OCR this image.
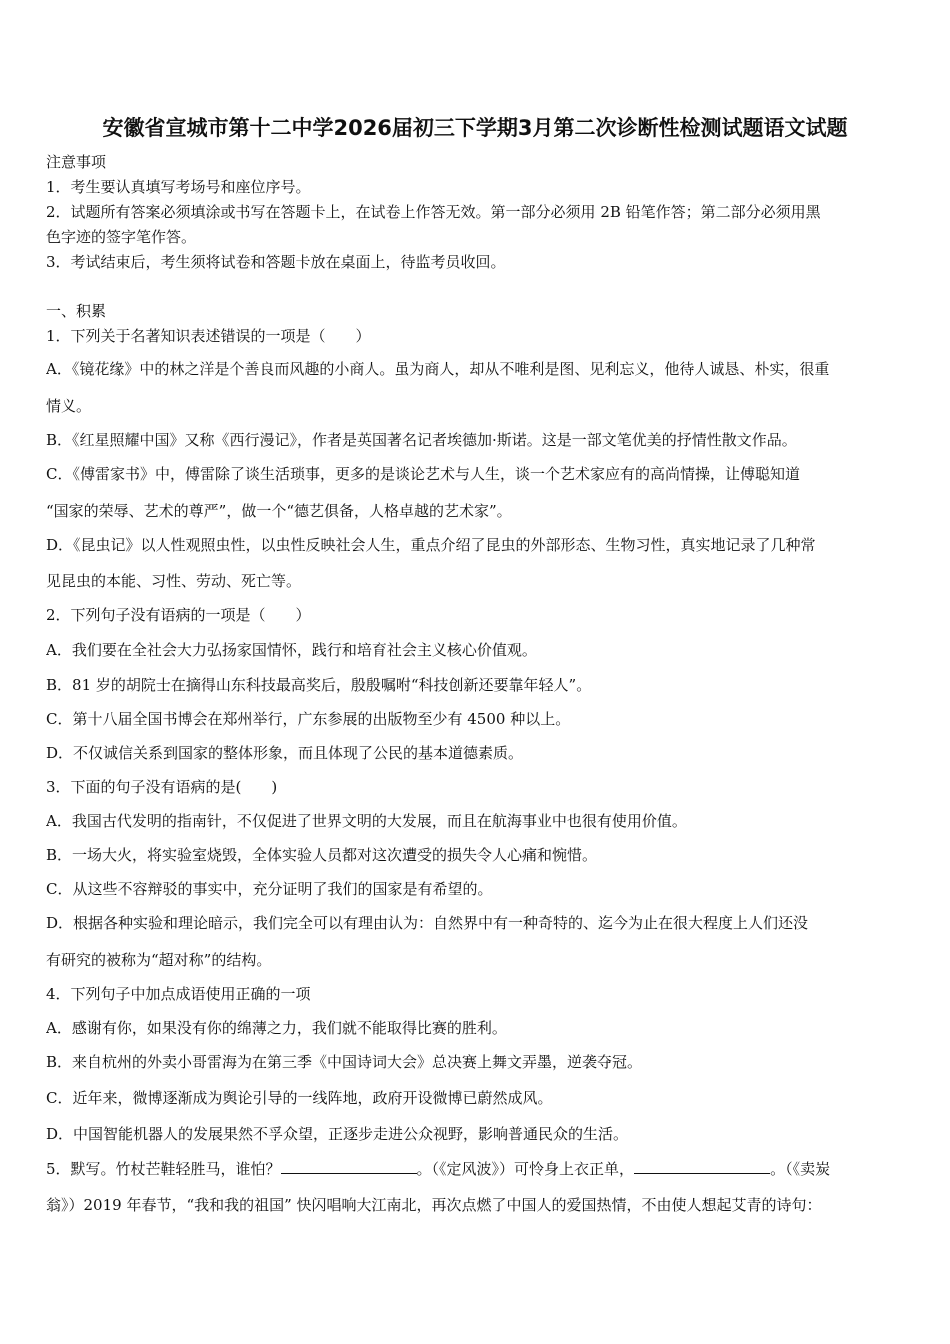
安徽省宣城市第十二中学2026届初三下学期3月第二次诊断性检测试题语文试题
注意事项
1．考生要认真填写考场号和座位序号。
2．试题所有答案必须填涂或书写在答题卡上，在试卷上作答无效。第一部分必须用 2B 铅笔作答；第二部分必须用黑
色字迹的签字笔作答。
3．考试结束后，考生须将试卷和答题卡放在桌面上，待监考员收回。
一、积累
1．下列关于名著知识表述错误的一项是（　　）
A．《镜花缘》中的林之洋是个善良而风趣的小商人。虽为商人，却从不唯利是图、见利忘义，他待人诚恳、朴实，很重
情义。
B．《红星照耀中国》又称《西行漫记》，作者是英国著名记者埃德加·斯诺。这是一部文笔优美的抒情性散文作品。
C．《傅雷家书》中，傅雷除了谈生活琐事，更多的是谈论艺术与人生，谈一个艺术家应有的高尚情操，让傅聪知道
“国家的荣辱、艺术的尊严”，做一个“德艺俱备，人格卓越的艺术家”。
D．《昆虫记》以人性观照虫性，以虫性反映社会人生，重点介绍了昆虫的外部形态、生物习性，真实地记录了几种常
见昆虫的本能、习性、劳动、死亡等。
2．下列句子没有语病的一项是（　　）
A．我们要在全社会大力弘扬家国情怀，践行和培育社会主义核心价值观。
B．81 岁的胡院士在摘得山东科技最高奖后，殷殷嘱咐“科技创新还要靠年轻人”。
C．第十八届全国书博会在郑州举行，广东参展的出版物至少有 4500 种以上。
D．不仅诚信关系到国家的整体形象，而且体现了公民的基本道德素质。
3．下面的句子没有语病的是(　　)
A．我国古代发明的指南针，不仅促进了世界文明的大发展，而且在航海事业中也很有使用价值。
B．一场大火，将实验室烧毁，全体实验人员都对这次遭受的损失令人心痛和惋惜。
C．从这些不容辩驳的事实中，充分证明了我们的国家是有希望的。
D．根据各种实验和理论暗示，我们完全可以有理由认为：自然界中有一种奇特的、迄今为止在很大程度上人们还没
有研究的被称为“超对称”的结构。
4．下列句子中加点成语使用正确的一项
A．感谢有你，如果没有你的绵薄之力，我们就不能取得比赛的胜利。
B．来自杭州的外卖小哥雷海为在第三季《中国诗词大会》总决赛上舞文弄墨，逆袭夺冠。
C．近年来，微博逐渐成为舆论引导的一线阵地，政府开设微博已蔚然成风。
D．中国智能机器人的发展果然不孚众望，正逐步走进公众视野，影响普通民众的生活。
5．默写。竹杖芒鞋轻胜马，谁怕？	。（《定风波》）可怜身上衣正单，	。（《卖炭
翁》）2019 年春节，“我和我的祖国” 快闪唱响大江南北，再次点燃了中国人的爱国热情，不由使人想起艾青的诗句：
